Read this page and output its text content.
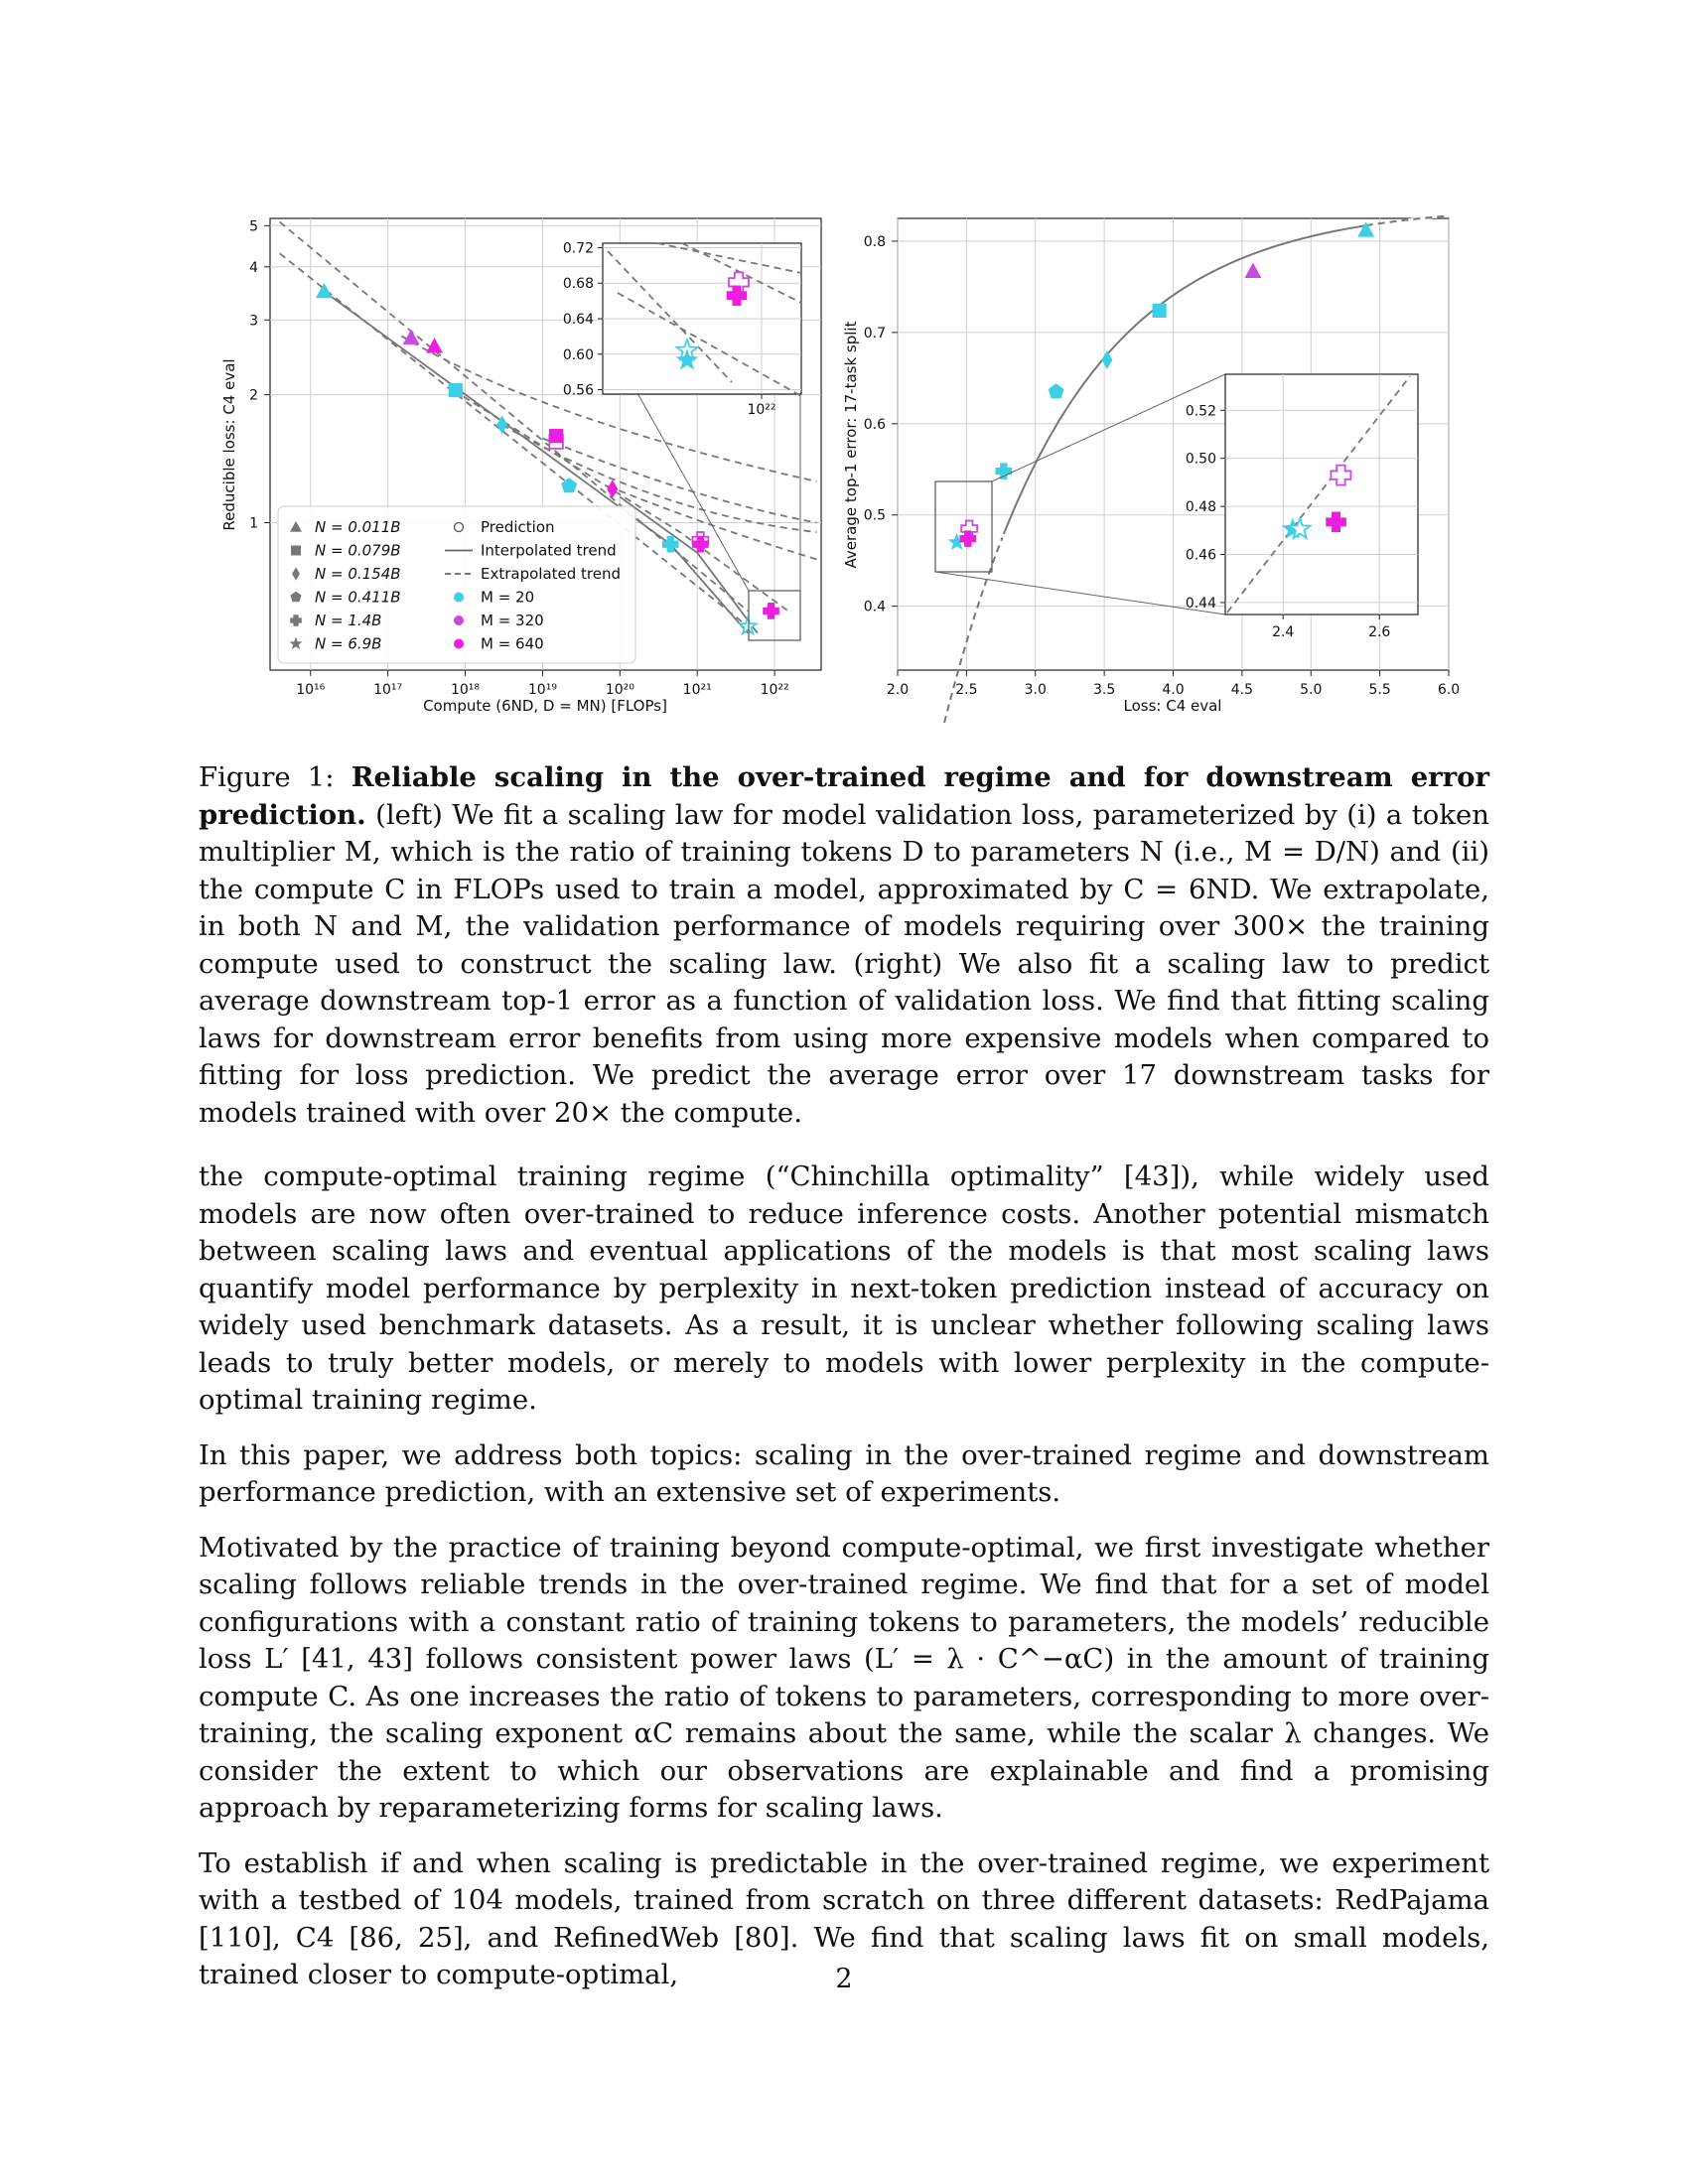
10¹⁶	10¹⁷	10¹⁸	10¹⁹	10²⁰	10²¹	10²²
1
2
3
4
5
0.56
0.60
0.64
0.68
0.72
10²²
N = 0.011B
N = 0.079B
N = 0.154B
N = 0.411B
N = 1.4B
N = 6.9B
Prediction
Interpolated trend
Extrapolated trend
M = 20
M = 320
M = 640
Compute (6ND, D = MN) [FLOPs]
Reducible loss: C4 eval
2.0	2.5	3.0	3.5	4.0	4.5	5.0	5.5	6.0
0.4
0.5
0.6
0.7
0.8
0.44
0.46
0.48
0.50
0.52
2.4	2.6
Loss: C4 eval
Average top-1 error: 17-task split
Figure 1: Reliable scaling in the over-trained regime and for downstream error prediction. (left) We fit a scaling law for model validation loss, parameterized by (i) a token multiplier M, which is the ratio of training tokens D to parameters N (i.e., M = D/N) and (ii) the compute C in FLOPs used to train a model, approximated by C = 6ND. We extrapolate, in both N and M, the validation performance of models requiring over 300× the training compute used to construct the scaling law. (right) We also fit a scaling law to predict average downstream top-1 error as a function of validation loss. We find that fitting scaling laws for downstream error benefits from using more expensive models when compared to fitting for loss prediction. We predict the average error over 17 downstream tasks for models trained with over 20× the compute.

the compute-optimal training regime (“Chinchilla optimality” [43]), while widely used models are now often over-trained to reduce inference costs. Another potential mismatch between scaling laws and eventual applications of the models is that most scaling laws quantify model performance by perplexity in next-token prediction instead of accuracy on widely used benchmark datasets. As a result, it is unclear whether following scaling laws leads to truly better models, or merely to models with lower perplexity in the compute-optimal training regime.

In this paper, we address both topics: scaling in the over-trained regime and downstream performance prediction, with an extensive set of experiments.

Motivated by the practice of training beyond compute-optimal, we first investigate whether scaling follows reliable trends in the over-trained regime. We find that for a set of model configurations with a constant ratio of training tokens to parameters, the models’ reducible loss L′ [41, 43] follows consistent power laws (L′ = λ · C^−αC) in the amount of training compute C. As one increases the ratio of tokens to parameters, corresponding to more over-training, the scaling exponent αC remains about the same, while the scalar λ changes. We consider the extent to which our observations are explainable and find a promising approach by reparameterizing forms for scaling laws.

To establish if and when scaling is predictable in the over-trained regime, we experiment with a testbed of 104 models, trained from scratch on three different datasets: RedPajama [110], C4 [86, 25], and RefinedWeb [80]. We find that scaling laws fit on small models, trained closer to compute-optimal,	2
